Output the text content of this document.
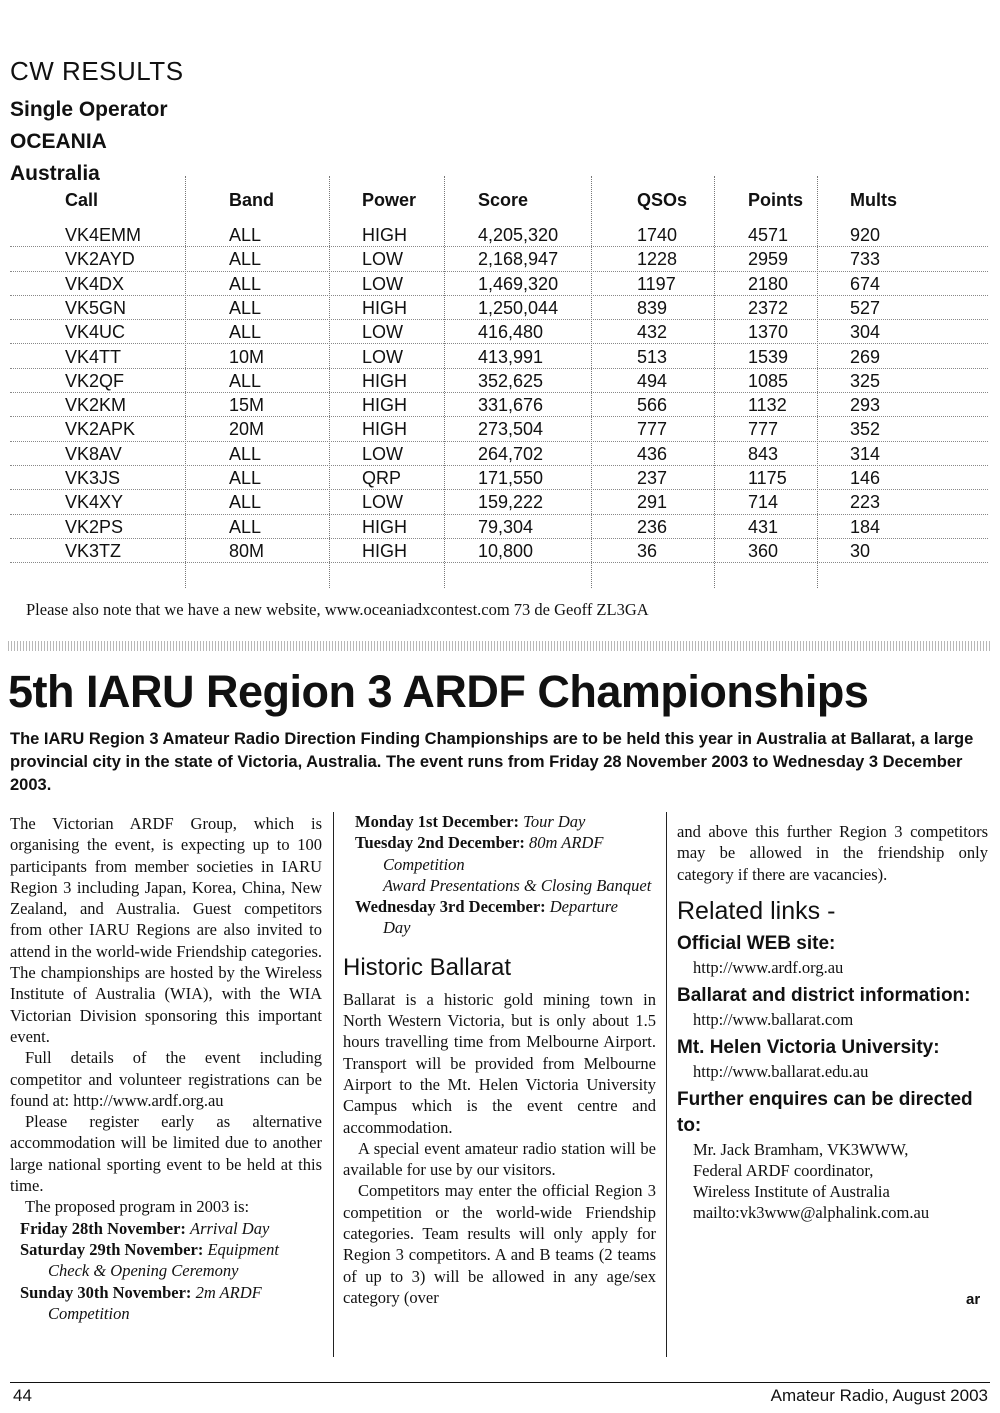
CW RESULTS
Single Operator
OCEANIA
Australia
Call	Band	Power	Score	QSOs	Points	Mults
VK4EMM	ALL	HIGH	4,205,320	1740	4571	920
VK2AYD	ALL	LOW	2,168,947	1228	2959	733
VK4DX	ALL	LOW	1,469,320	1197	2180	674
VK5GN	ALL	HIGH	1,250,044	839	2372	527
VK4UC	ALL	LOW	416,480	432	1370	304
VK4TT	10M	LOW	413,991	513	1539	269
VK2QF	ALL	HIGH	352,625	494	1085	325
VK2KM	15M	HIGH	331,676	566	1132	293
VK2APK	20M	HIGH	273,504	777	777	352
VK8AV	ALL	LOW	264,702	436	843	314
VK3JS	ALL	QRP	171,550	237	1175	146
VK4XY	ALL	LOW	159,222	291	714	223
VK2PS	ALL	HIGH	79,304	236	431	184
VK3TZ	80M	HIGH	10,800	36	360	30
Please also note that we have a new website, www.oceaniadxcontest.com 73 de Geoff ZL3GA
5th IARU Region 3 ARDF Championships
The IARU Region 3 Amateur Radio Direction Finding Championships are to be held this year in Australia at Ballarat, a large provincial city in the state of Victoria, Australia. The event runs from Friday 28 November 2003 to Wednesday 3 December 2003.

The Victorian ARDF Group, which is organising the event, is expecting up to 100 participants from member societies in IARU Region 3 including Japan, Korea, China, New Zealand, and Australia. Guest competitors from other IARU Regions are also invited to attend in the world-wide Friendship categories. The championships are hosted by the Wireless Institute of Australia (WIA), with the WIA Victorian Division sponsoring this important event.

Full details of the event including competitor and volunteer registrations can be found at: http://www.ardf.org.au

Please register early as alternative accommodation will be limited due to another large national sporting event to be held at this time.

The proposed program in 2003 is:

Friday 28th November: Arrival Day
Saturday 29th November: Equipment
Check & Opening Ceremony
Sunday 30th November: 2m ARDF
Competition
Monday 1st December: Tour Day
Tuesday 2nd December: 80m ARDF
Competition
Award Presentations & Closing Banquet
Wednesday 3rd December: Departure
Day
Historic Ballarat

Ballarat is a historic gold mining town in North Western Victoria, but is only about 1.5 hours travelling time from Melbourne Airport. Transport will be provided from Melbourne Airport to the Mt. Helen Victoria University Campus which is the event centre and accommodation.

A special event amateur radio station will be available for use by our visitors.

Competitors may enter the official Region 3 competition or the world-wide Friendship categories. Team results will only apply for Region 3 competitors. A and B teams (2 teams of up to 3) will be allowed in any age/sex category (over

and above this further Region 3 competitors may be allowed in the friendship only category if there are vacancies).

Related links -
Official WEB site:
http://www.ardf.org.au
Ballarat and district information:
http://www.ballarat.com
Mt. Helen Victoria University:
http://www.ballarat.edu.au
Further enquires can be directed to:
Mr. Jack Bramham, VK3WWW,
Federal ARDF coordinator,
Wireless Institute of Australia
mailto:vk3www@alphalink.com.au
ar
44	Amateur Radio, August 2003
